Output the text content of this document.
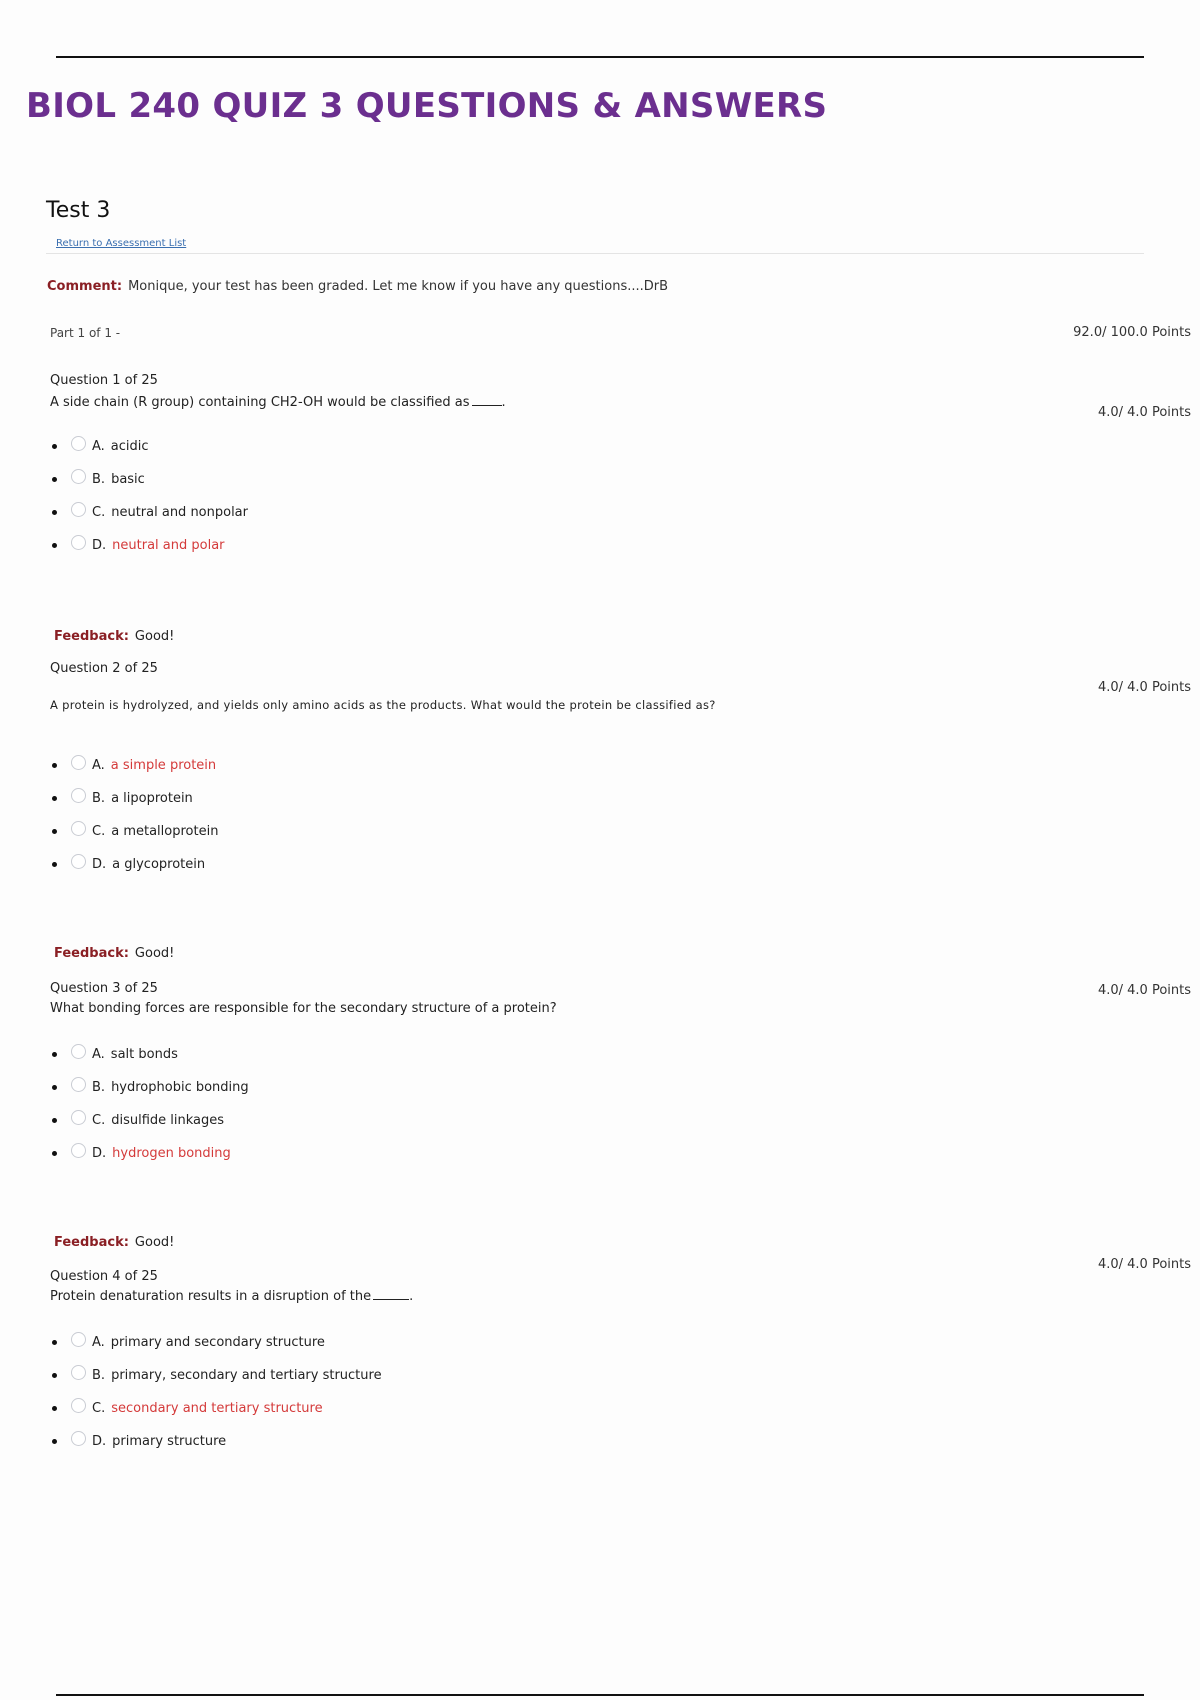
BIOL 240 QUIZ 3 QUESTIONS & ANSWERS
Test 3
Return to Assessment List
Comment: Monique, your test has been graded. Let me know if you have any questions....DrB
Part 1 of 1 -	92.0/ 100.0 Points
Question 1 of 25
A side chain (R group) containing CH2-OH would be classified as .
4.0/ 4.0 Points
A. acidic
B. basic
C. neutral and nonpolar
D. neutral and polar
Feedback: Good!
Question 2 of 25
4.0/ 4.0 Points
A protein is hydrolyzed, and yields only amino acids as the products. What would the protein be classified as?
A. a simple protein
B. a lipoprotein
C. a metalloprotein
D. a glycoprotein
Feedback: Good!
Question 3 of 25	4.0/ 4.0 Points
What bonding forces are responsible for the secondary structure of a protein?
A. salt bonds
B. hydrophobic bonding
C. disulfide linkages
D. hydrogen bonding
Feedback: Good!
4.0/ 4.0 Points
Question 4 of 25
Protein denaturation results in a disruption of the	.
A. primary and secondary structure
B. primary, secondary and tertiary structure
C. secondary and tertiary structure
D. primary structure
